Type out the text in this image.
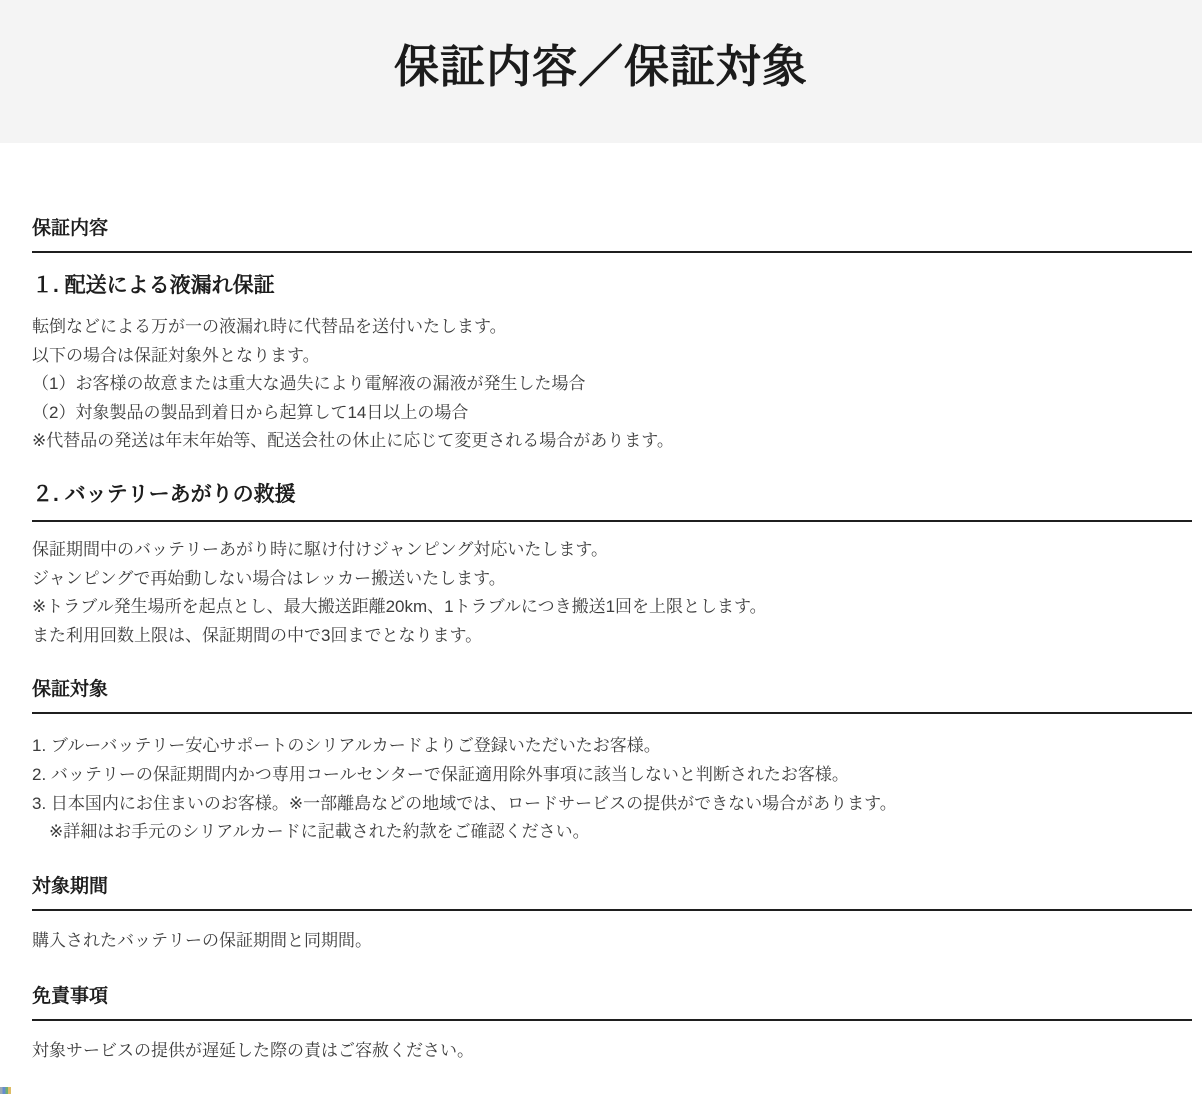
保証内容／保証対象
保証内容
１. 配送による液漏れ保証

転倒などによる万が一の液漏れ時に代替品を送付いたします。

以下の場合は保証対象外となります。

（1）お客様の故意または重大な過失により電解液の漏液が発生した場合

（2）対象製品の製品到着日から起算して14日以上の場合

※代替品の発送は年末年始等、配送会社の休止に応じて変更される場合があります。

２. バッテリーあがりの救援

保証期間中のバッテリーあがり時に駆け付けジャンピング対応いたします。

ジャンピングで再始動しない場合はレッカー搬送いたします。

※トラブル発生場所を起点とし、最大搬送距離20km、1トラブルにつき搬送1回を上限とします。

また利用回数上限は、保証期間の中で3回までとなります。

保証対象

1. ブルーバッテリー安心サポートのシリアルカードよりご登録いただいたお客様。

2. バッテリーの保証期間内かつ専用コールセンターで保証適用除外事項に該当しないと判断されたお客様。

3. 日本国内にお住まいのお客様。※一部離島などの地域では、ロードサービスの提供ができない場合があります。

※詳細はお手元のシリアルカードに記載された約款をご確認ください。

対象期間

購入されたバッテリーの保証期間と同期間。

免責事項

対象サービスの提供が遅延した際の責はご容赦ください。
